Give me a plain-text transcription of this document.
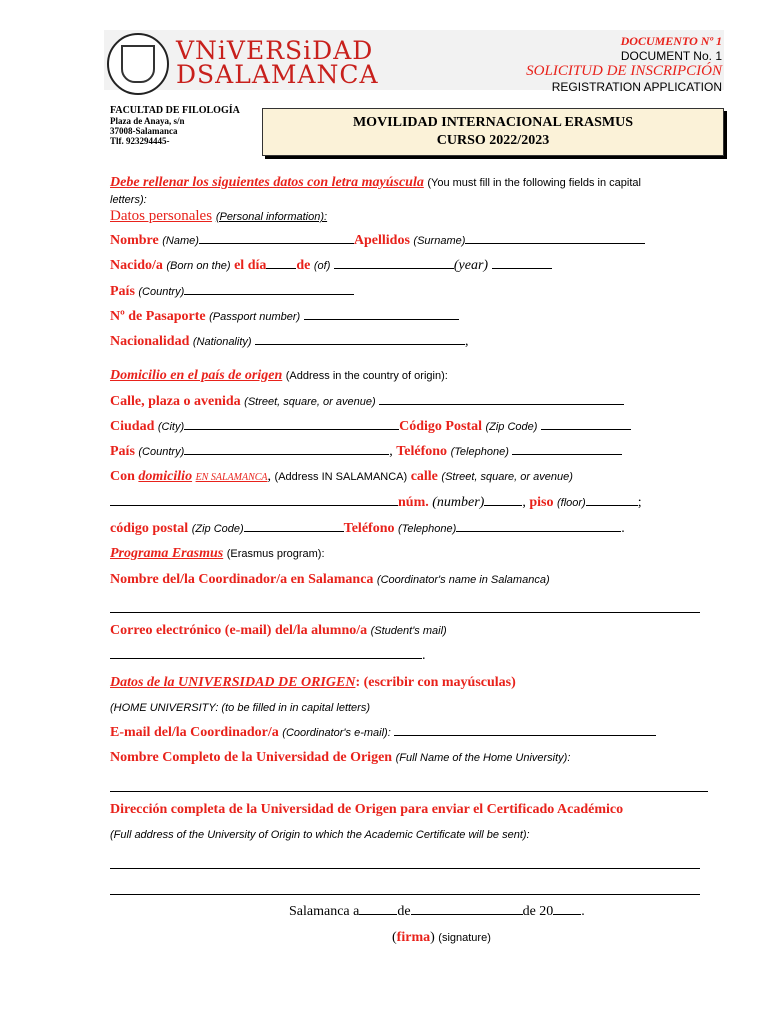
VNiVERSiDAD
DSALAMANCA
DOCUMENTO Nº 1
DOCUMENT No. 1
SOLICITUD DE INSCRIPCIÓN
REGISTRATION APPLICATION
FACULTAD DE FILOLOGÍA
Plaza de Anaya, s/n
37008-Salamanca
Tlf. 923294445-
MOVILIDAD INTERNACIONAL ERASMUS
CURSO 2022/2023
Debe rellenar los siguientes datos con letra mayúscula (You must fill in the following fields in capital
letters):
Datos personales (Personal information):
Nombre (Name)	Apellidos (Surname)
Nacido/a (Born on the) el día de (of)	(year)
País (Country)
Nº de Pasaporte (Passport number)
Nacionalidad (Nationality)	,
Domicilio en el país de origen (Address in the country of origin):
Calle, plaza o avenida (Street, square, or avenue)
Ciudad (City)	Código Postal (Zip Code)
País (Country)	, Teléfono (Telephone)
Con domicilio EN SALAMANCA, (Address IN SALAMANCA) calle (Street, square, or avenue)
núm. (number)	, piso (floor)	;
código postal (Zip Code)	Teléfono (Telephone)	.
Programa Erasmus (Erasmus program):
Nombre del/la Coordinador/a en Salamanca (Coordinator's name in Salamanca)
Correo electrónico (e-mail) del/la alumno/a (Student's mail)
.
Datos de la UNIVERSIDAD DE ORIGEN: (escribir con mayúsculas)
(HOME UNIVERSITY: (to be filled in in capital letters)
E-mail del/la Coordinador/a (Coordinator's e-mail):
Nombre Completo de la Universidad de Origen (Full Name of the Home University):
Dirección completa de la Universidad de Origen para enviar el Certificado Académico
(Full address of the University of Origin to which the Academic Certificate will be sent):
Salamanca a	de	de 20 .
(firma) (signature)
